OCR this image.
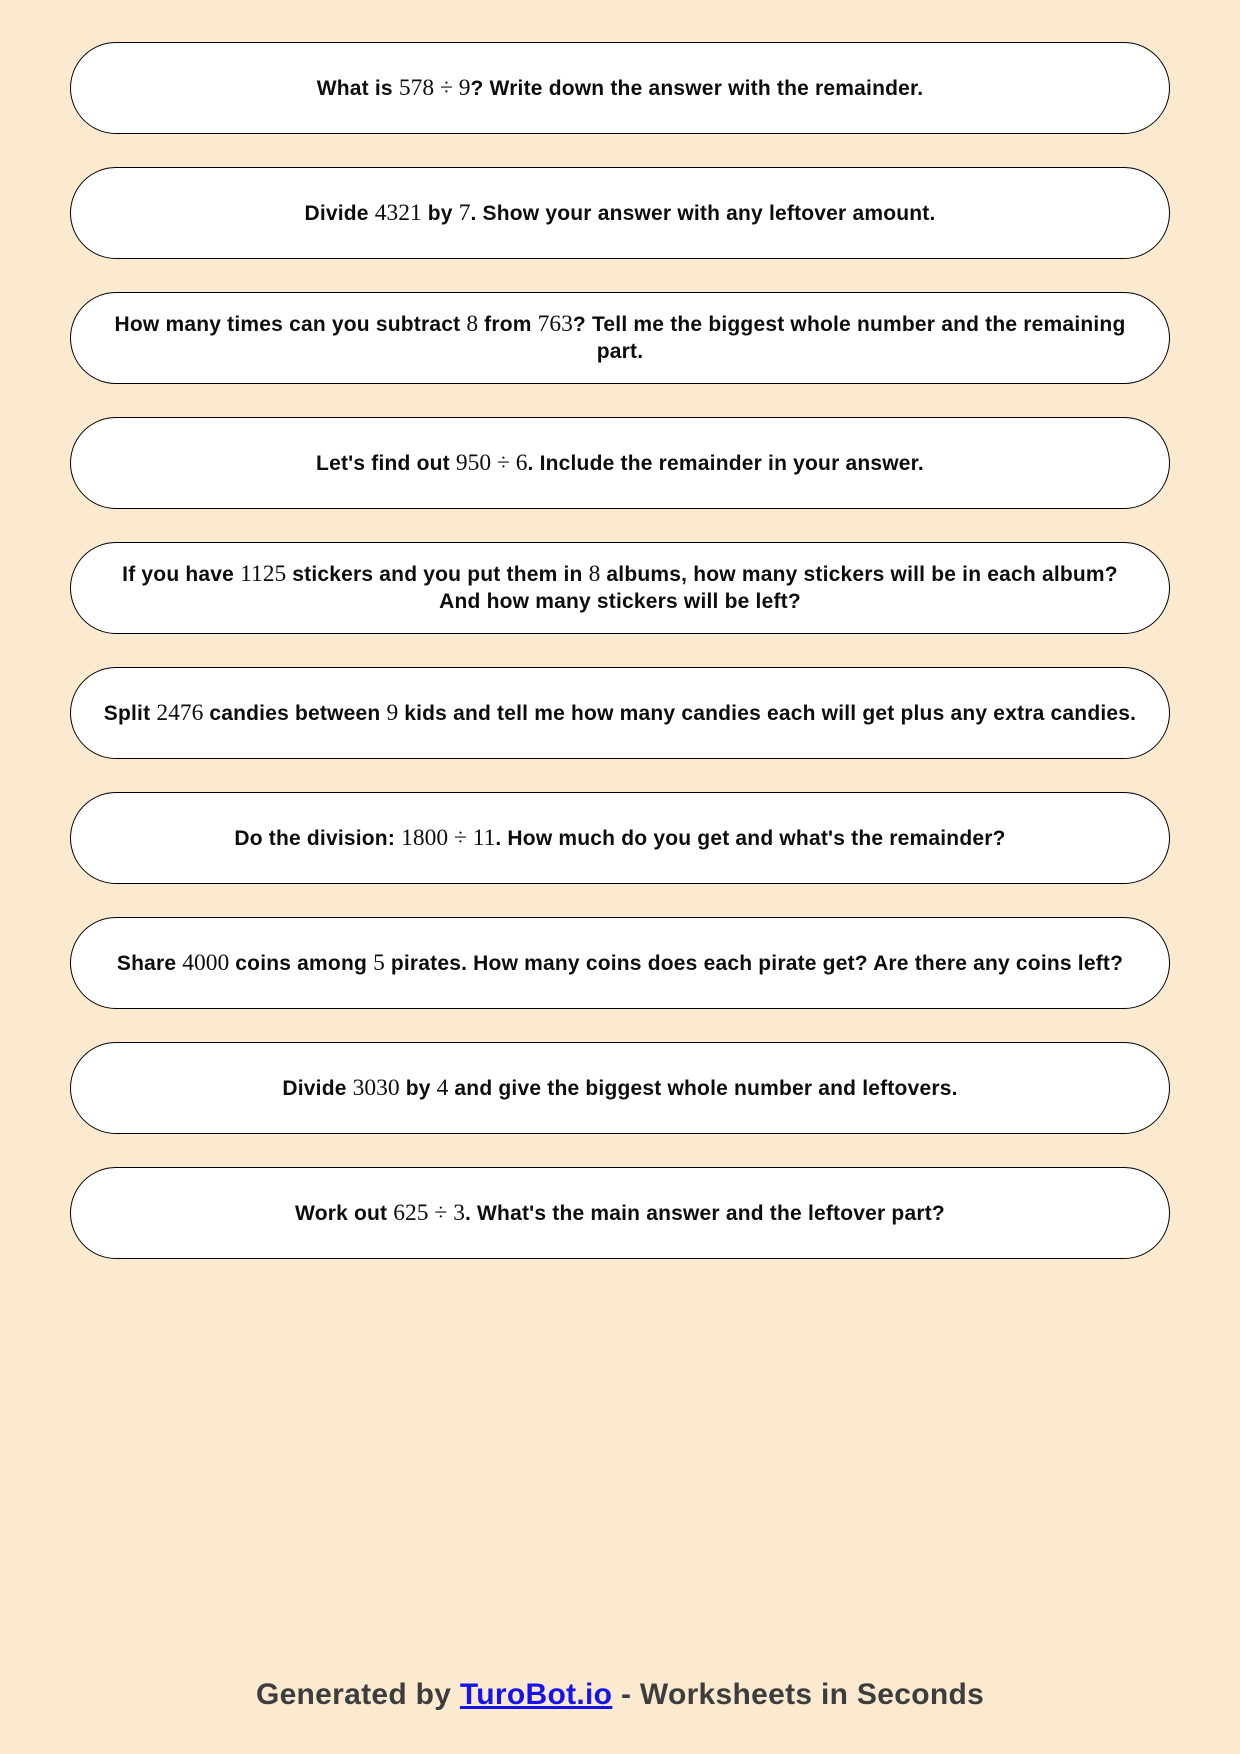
What is 578 ÷ 9? Write down the answer with the remainder.

Divide 4321 by 7. Show your answer with any leftover amount.

How many times can you subtract 8 from 763? Tell me the biggest whole number and the remaining part.

Let's find out 950 ÷ 6. Include the remainder in your answer.

If you have 1125 stickers and you put them in 8 albums, how many stickers will be in each album? And how many stickers will be left?

Split 2476 candies between 9 kids and tell me how many candies each will get plus any extra candies.

Do the division: 1800 ÷ 11. How much do you get and what's the remainder?

Share 4000 coins among 5 pirates. How many coins does each pirate get? Are there any coins left?

Divide 3030 by 4 and give the biggest whole number and leftovers.

Work out 625 ÷ 3. What's the main answer and the leftover part?

Generated by TuroBot.io - Worksheets in Seconds
